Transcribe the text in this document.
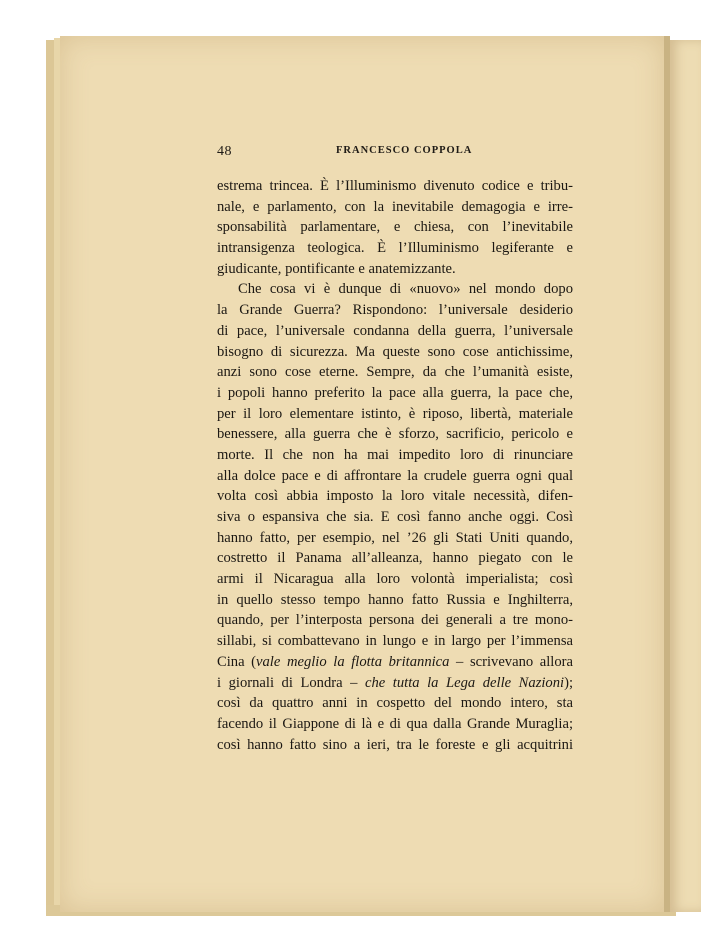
48	FRANCESCO COPPOLA
estrema trincea. È l’Illuminismo divenuto codice e tribu-
nale, e parlamento, con la inevitabile demagogia e irre-
sponsabilità parlamentare, e chiesa, con l’inevitabile
intransigenza teologica. È l’Illuminismo legiferante e
giudicante, pontificante e anatemizzante.
Che cosa vi è dunque di «nuovo» nel mondo dopo
la Grande Guerra? Rispondono: l’universale desiderio
di pace, l’universale condanna della guerra, l’universale
bisogno di sicurezza. Ma queste sono cose antichissime,
anzi sono cose eterne. Sempre, da che l’umanità esiste,
i popoli hanno preferito la pace alla guerra, la pace che,
per il loro elementare istinto, è riposo, libertà, materiale
benessere, alla guerra che è sforzo, sacrificio, pericolo e
morte. Il che non ha mai impedito loro di rinunciare
alla dolce pace e di affrontare la crudele guerra ogni qual
volta così abbia imposto la loro vitale necessità, difen-
siva o espansiva che sia. E così fanno anche oggi. Così
hanno fatto, per esempio, nel ’26 gli Stati Uniti quando,
costretto il Panama all’alleanza, hanno piegato con le
armi il Nicaragua alla loro volontà imperialista; così
in quello stesso tempo hanno fatto Russia e Inghilterra,
quando, per l’interposta persona dei generali a tre mono-
sillabi, si combattevano in lungo e in largo per l’immensa
Cina (vale meglio la flotta britannica – scrivevano allora
i giornali di Londra – che tutta la Lega delle Nazioni);
così da quattro anni in cospetto del mondo intero, sta
facendo il Giappone di là e di qua dalla Grande Muraglia;
così hanno fatto sino a ieri, tra le foreste e gli acquitrini
